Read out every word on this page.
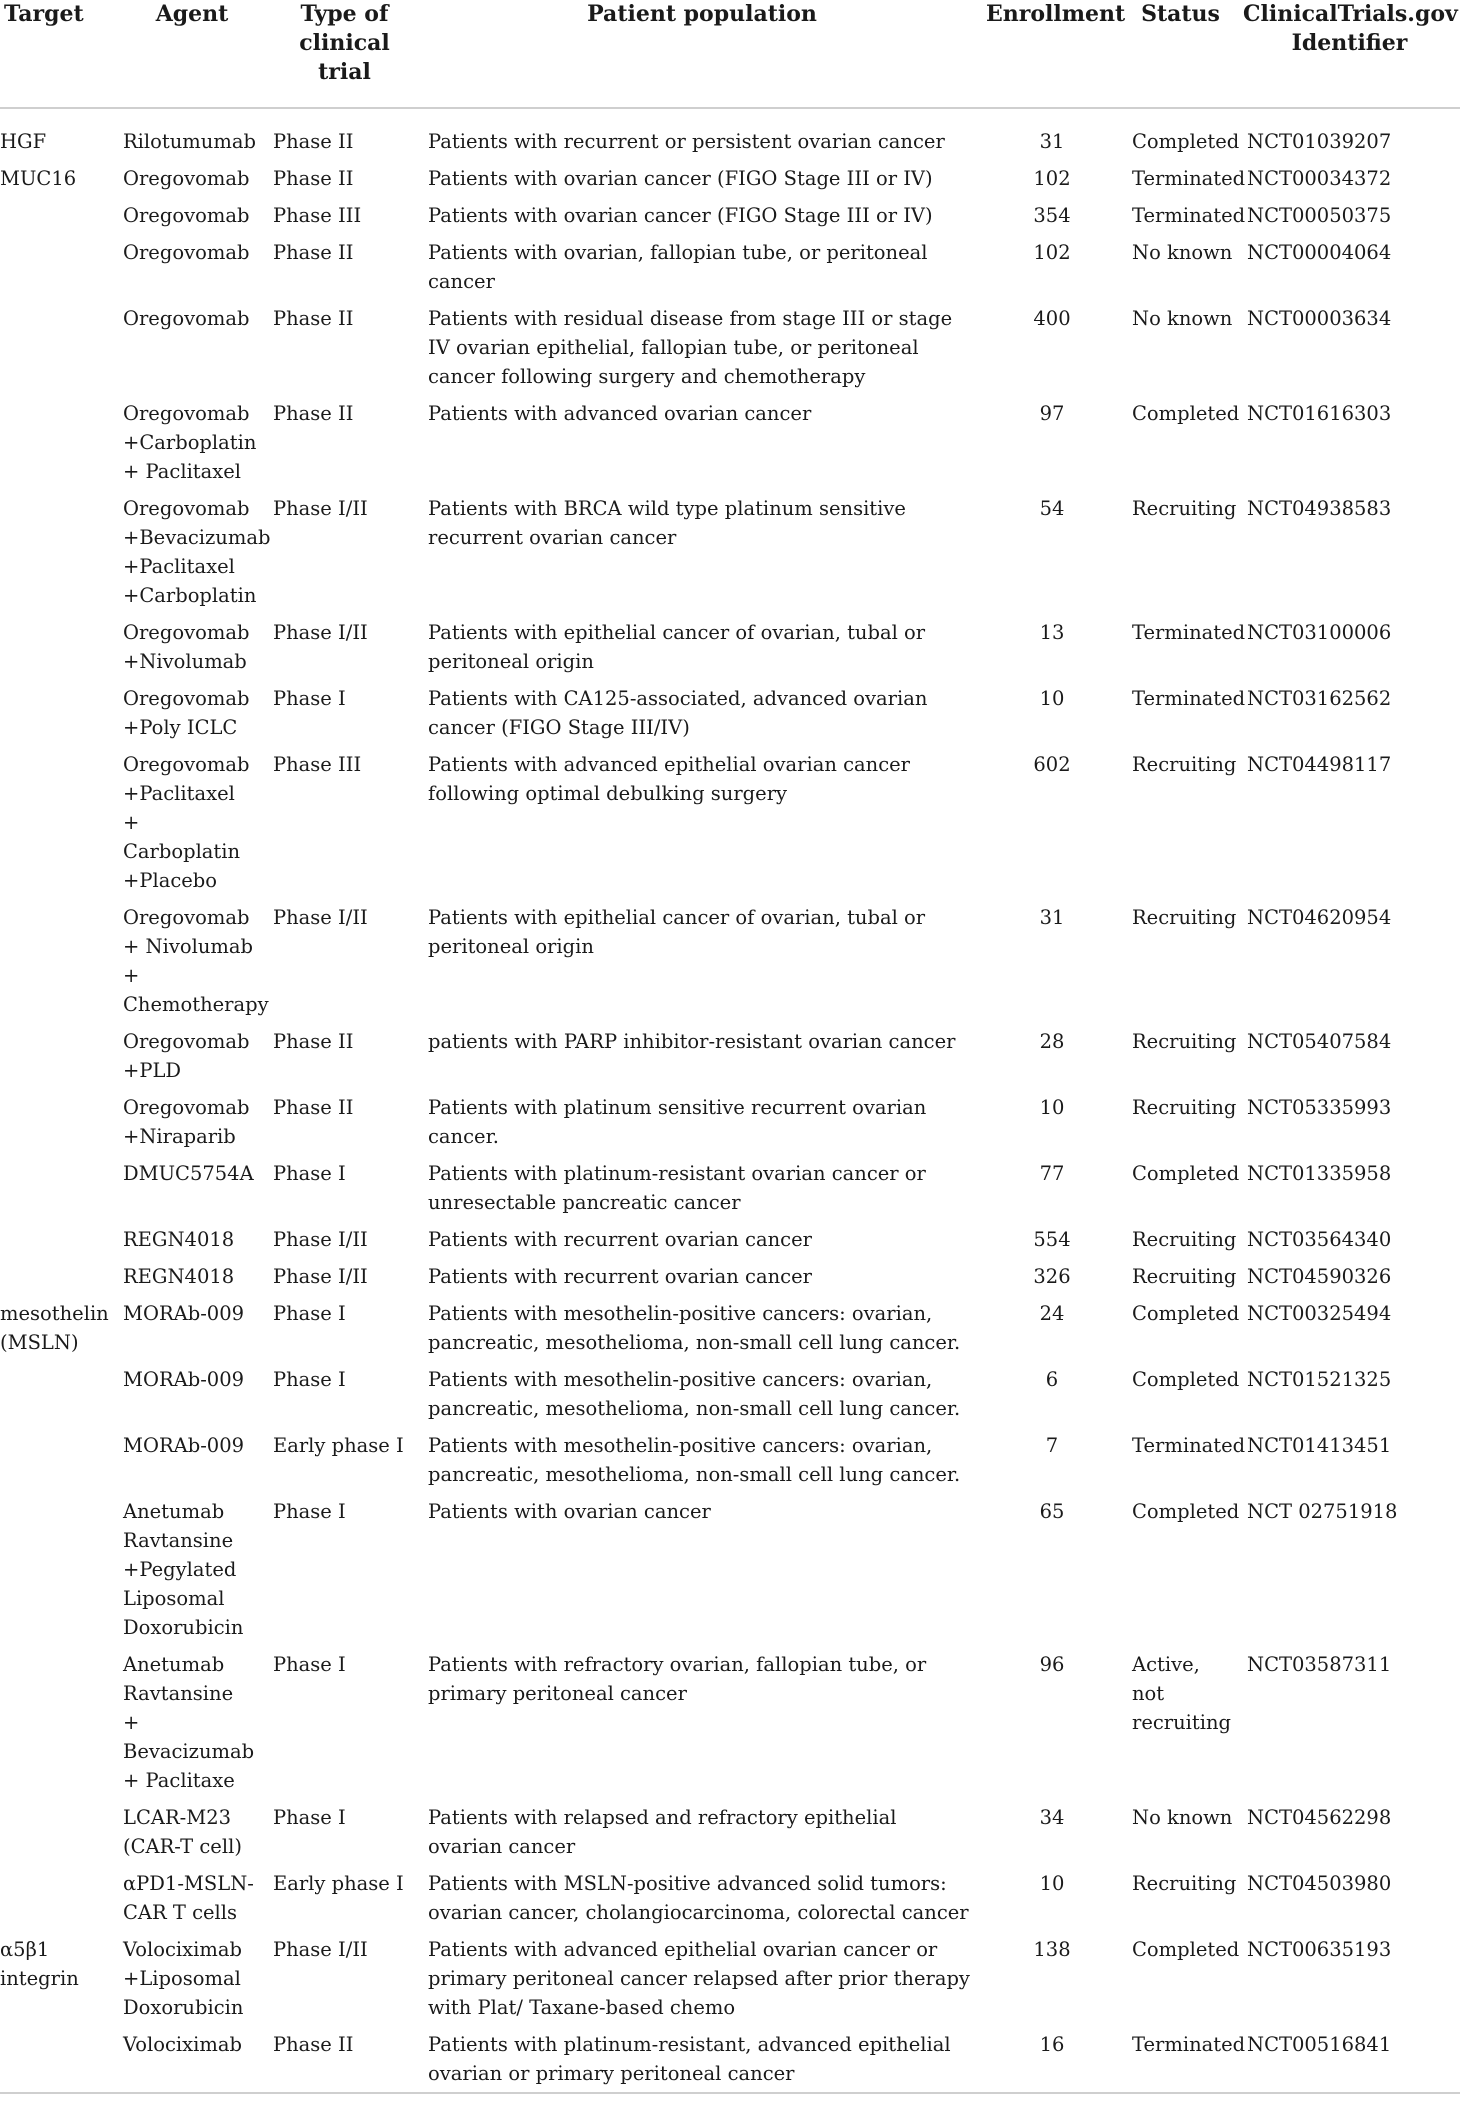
Target	Agent	Type of clinical trial	Patient population	Enrollment	Status	ClinicalTrials.gov Identifier
HGF	Rilotumumab	Phase II	Patients with recurrent or persistent ovarian cancer	31	Completed	NCT01039207
MUC16	Oregovomab	Phase II	Patients with ovarian cancer (FIGO Stage III or IV)	102	Terminated	NCT00034372
	Oregovomab	Phase III	Patients with ovarian cancer (FIGO Stage III or IV)	354	Terminated	NCT00050375
	Oregovomab	Phase II	Patients with ovarian, fallopian tube, or peritoneal cancer	102	No known	NCT00004064
	Oregovomab	Phase II	Patients with residual disease from stage III or stage IV ovarian epithelial, fallopian tube, or peritoneal cancer following surgery and chemotherapy	400	No known	NCT00003634
	Oregovomab
+Carboplatin
+ Paclitaxel	Phase II	Patients with advanced ovarian cancer	97	Completed	NCT01616303
	Oregovomab
+Bevacizumab
+Paclitaxel
+Carboplatin	Phase I/II	Patients with BRCA wild type platinum sensitive recurrent ovarian cancer	54	Recruiting	NCT04938583
	Oregovomab
+Nivolumab	Phase I/II	Patients with epithelial cancer of ovarian, tubal or peritoneal origin	13	Terminated	NCT03100006
	Oregovomab
+Poly ICLC	Phase I	Patients with CA125-associated, advanced ovarian cancer (FIGO Stage III/IV)	10	Terminated	NCT03162562
	Oregovomab
+Paclitaxel
+ Carboplatin
+Placebo	Phase III	Patients with advanced epithelial ovarian cancer following optimal debulking surgery	602	Recruiting	NCT04498117
	Oregovomab
+ Nivolumab
+
Chemotherapy	Phase I/II	Patients with epithelial cancer of ovarian, tubal or peritoneal origin	31	Recruiting	NCT04620954
	Oregovomab
+PLD	Phase II	patients with PARP inhibitor-resistant ovarian cancer	28	Recruiting	NCT05407584
	Oregovomab
+Niraparib	Phase II	Patients with platinum sensitive recurrent ovarian cancer.	10	Recruiting	NCT05335993
	DMUC5754A	Phase I	Patients with platinum-resistant ovarian cancer or unresectable pancreatic cancer	77	Completed	NCT01335958
	REGN4018	Phase I/II	Patients with recurrent ovarian cancer	554	Recruiting	NCT03564340
	REGN4018	Phase I/II	Patients with recurrent ovarian cancer	326	Recruiting	NCT04590326
mesothelin
(MSLN)	MORAb-009	Phase I	Patients with mesothelin-positive cancers: ovarian, pancreatic, mesothelioma, non-small cell lung cancer.	24	Completed	NCT00325494
	MORAb-009	Phase I	Patients with mesothelin-positive cancers: ovarian, pancreatic, mesothelioma, non-small cell lung cancer.	6	Completed	NCT01521325
	MORAb-009	Early phase I	Patients with mesothelin-positive cancers: ovarian, pancreatic, mesothelioma, non-small cell lung cancer.	7	Terminated	NCT01413451
	Anetumab
Ravtansine
+Pegylated
Liposomal
Doxorubicin	Phase I	Patients with ovarian cancer	65	Completed	NCT 02751918
	Anetumab
Ravtansine
+ Bevacizumab
+ Paclitaxe	Phase I	Patients with refractory ovarian, fallopian tube, or primary peritoneal cancer	96	Active, not recruiting	NCT03587311
	LCAR-M23
(CAR-T cell)	Phase I	Patients with relapsed and refractory epithelial ovarian cancer	34	No known	NCT04562298
	αPD1-MSLN-
CAR T cells	Early phase I	Patients with MSLN-positive advanced solid tumors: ovarian cancer, cholangiocarcinoma, colorectal cancer	10	Recruiting	NCT04503980
α5β1
integrin	Volociximab
+Liposomal
Doxorubicin	Phase I/II	Patients with advanced epithelial ovarian cancer or primary peritoneal cancer relapsed after prior therapy with Plat/ Taxane-based chemo	138	Completed	NCT00635193
	Volociximab	Phase II	Patients with platinum-resistant, advanced epithelial ovarian or primary peritoneal cancer	16	Terminated	NCT00516841
